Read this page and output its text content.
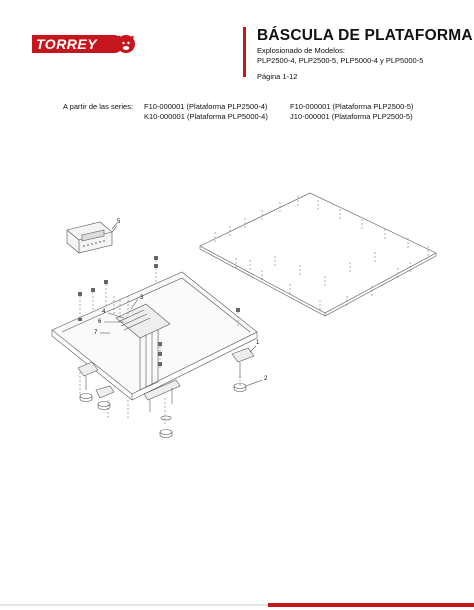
TORREY	BÁSCULA DE PLATAFORMA
Explosionado de Modelos:
PLP2500-4, PLP2500-5, PLP5000-4 y PLP5000-5
Página 1-12
A partir de las series: F10-000001 (Plataforma PLP2500-4)	F10-000001 (Plataforma PLP2500-5)
K10-000001 (Plataforma PLP5000-4)	J10-000001 (Plataforma PLP2500-5)
1
2
3
4
5
6
7
